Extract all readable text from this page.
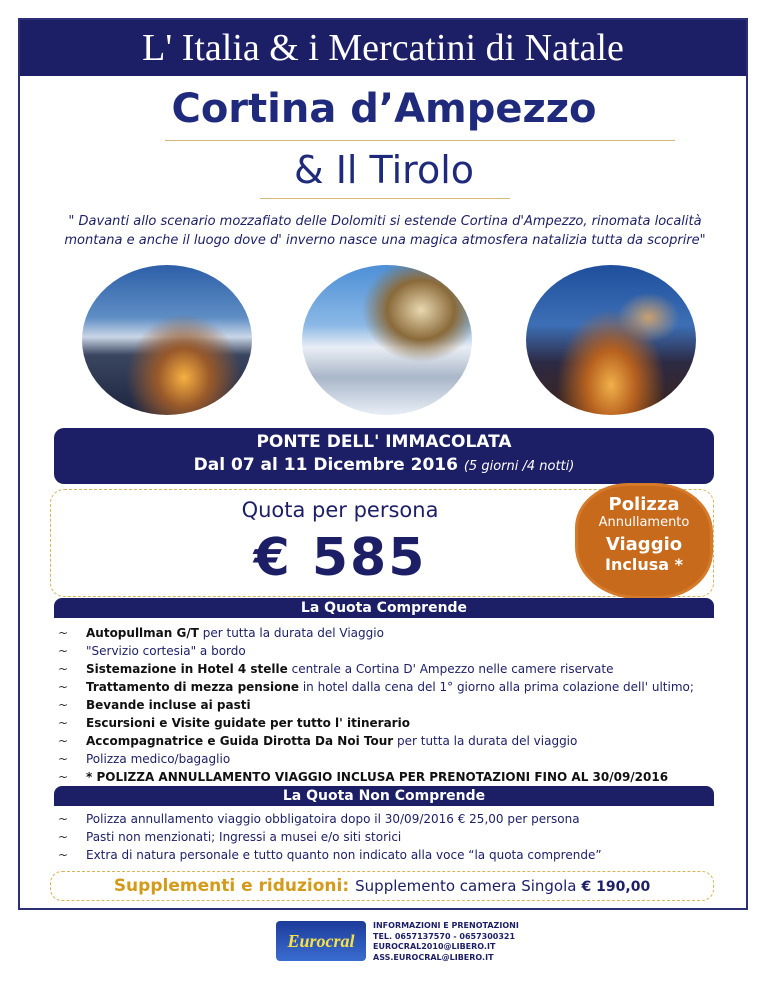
L' Italia & i Mercatini di Natale
Cortina d’Ampezzo
& Il Tirolo
" Davanti allo scenario mozzafiato delle Dolomiti si estende Cortina d'Ampezzo, rinomata località montana e anche il luogo dove d' inverno nasce una magica atmosfera natalizia tutta da scoprire"
PONTE DELL' IMMACOLATA
Dal 07 al 11 Dicembre 2016 (5 giorni /4 notti)
Quota per persona
€ 585
Polizza
Annullamento
Viaggio
Inclusa *
La Quota Comprende
~ Autopullman G/T per tutta la durata del Viaggio
~ "Servizio cortesia" a bordo
~ Sistemazione in Hotel 4 stelle centrale a Cortina D' Ampezzo nelle camere riservate
~ Trattamento di mezza pensione in hotel dalla cena del 1° giorno alla prima colazione dell' ultimo;
~ Bevande incluse ai pasti
~ Escursioni e Visite guidate per tutto l' itinerario
~ Accompagnatrice e Guida Dirotta Da Noi Tour per tutta la durata del viaggio
~ Polizza medico/bagaglio
~ * POLIZZA ANNULLAMENTO VIAGGIO INCLUSA PER PRENOTAZIONI FINO AL 30/09/2016
La Quota Non Comprende
~ Polizza annullamento viaggio obbligatoira dopo il 30/09/2016 € 25,00 per persona
~ Pasti non menzionati; Ingressi a musei e/o siti storici
~ Extra di natura personale e tutto quanto non indicato alla voce “la quota comprende”
Supplementi e riduzioni: Supplemento camera Singola € 190,00
Eurocral
INFORMAZIONI E PRENOTAZIONI
TEL. 0657137570 - 0657300321
EUROCRAL2010@LIBERO.IT
ASS.EUROCRAL@LIBERO.IT
